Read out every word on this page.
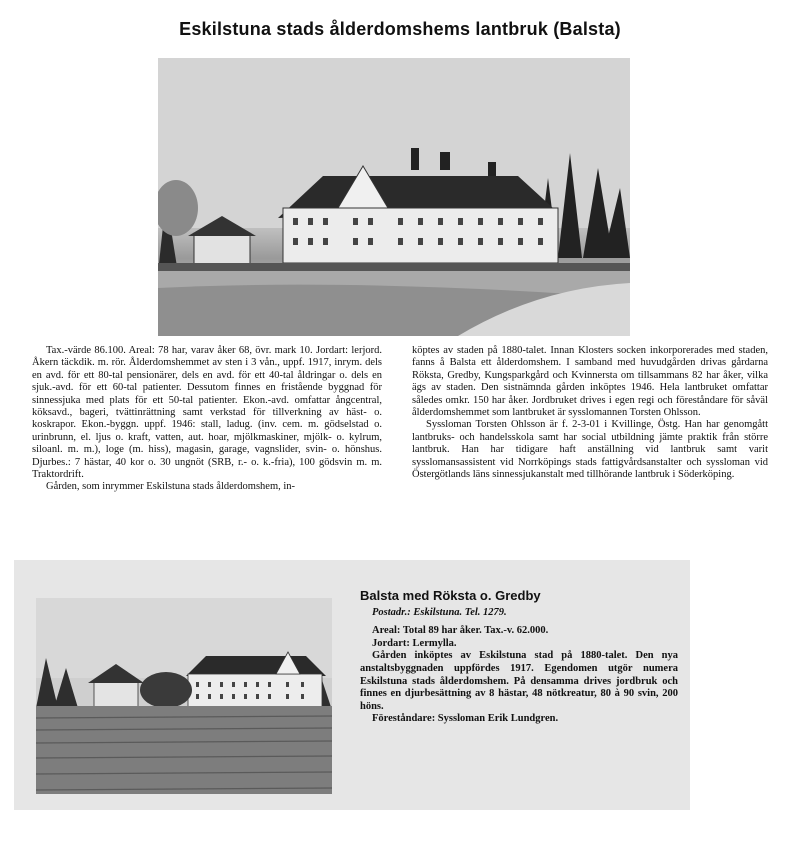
Eskilstuna stads ålderdomshems lantbruk (Balsta)

Tax.-värde 86.100. Areal: 78 har, varav åker 68, övr. mark 10. Jordart: lerjord. Åkern täckdik. m. rör. Ålderdomshemmet av sten i 3 vån., uppf. 1917, inrym. dels en avd. för ett 80-tal pensionärer, dels en avd. för ett 40-tal åldringar o. dels en sjuk.-avd. för ett 60-tal patienter. Dessutom finnes en fristående byggnad för sinnessjuka med plats för ett 50-tal patienter. Ekon.-avd. omfattar ångcentral, köksavd., bageri, tvättinrättning samt verkstad för tillverkning av häst- o. koskrapor. Ekon.-byggn. uppf. 1946: stall, ladug. (inv. cem. m. gödselstad o. urinbrunn, el. ljus o. kraft, vatten, aut. hoar, mjölkmaskiner, mjölk- o. kylrum, siloanl. m. m.), loge (m. hiss), magasin, garage, vagnslider, svin- o. hönshus. Djurbes.: 7 hästar, 40 kor o. 30 ungnöt (SRB, r.- o. k.-fria), 100 gödsvin m. m. Traktordrift.

Gården, som inrymmer Eskilstuna stads ålderdomshem, in-

köptes av staden på 1880-talet. Innan Klosters socken inkorporerades med staden, fanns å Balsta ett ålderdomshem. I samband med huvudgården drivas gårdarna Röksta, Gredby, Kungsparkgård och Kvinnersta om tillsammans 82 har åker, vilka ägs av staden. Den sistnämnda gården inköptes 1946. Hela lantbruket omfattar således omkr. 150 har åker. Jordbruket drives i egen regi och föreståndare för såväl ålderdomshemmet som lantbruket är sysslomannen Torsten Ohlsson.

Syssloman Torsten Ohlsson är f. 2-3-01 i Kvillinge, Östg. Han har genomgått lantbruks- och handelsskola samt har social utbildning jämte praktik från större lantbruk. Han har tidigare haft anställning vid lantbruk samt varit sysslomansassistent vid Norrköpings stads fattigvårdsanstalter och syssloman vid Östergötlands läns sinnessjukanstalt med tillhörande lantbruk i Söderköping.

Balsta med Röksta o. Gredby
Postadr.: Eskilstuna. Tel. 1279.

Areal: Total 89 har åker. Tax.-v. 62.000.

Jordart: Lermylla.

Gården inköptes av Eskilstuna stad på 1880-talet. Den nya anstaltsbyggnaden uppfördes 1917. Egendomen utgör numera Eskilstuna stads ålderdomshem. På densamma drives jordbruk och finnes en djurbesättning av 8 hästar, 48 nötkreatur, 80 à 90 svin, 200 höns.

Föreståndare: Syssloman Erik Lundgren.
